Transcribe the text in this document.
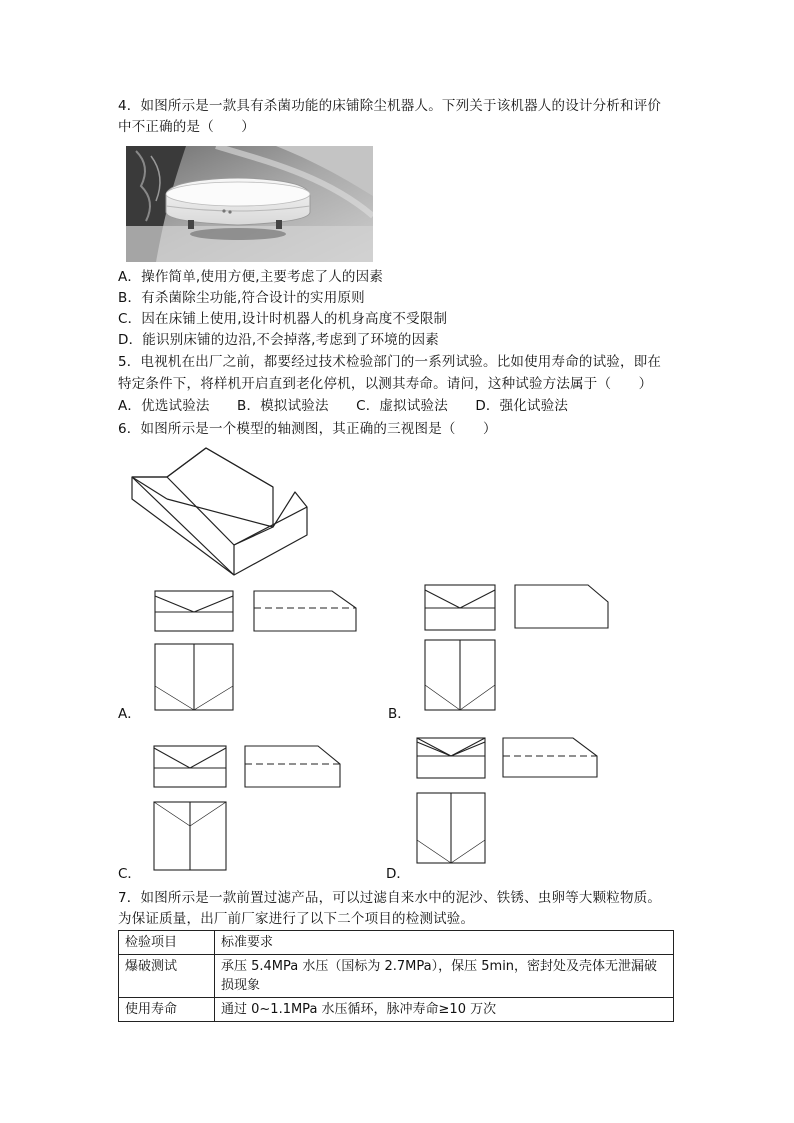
4．如图所示是一款具有杀菌功能的床铺除尘机器人。下列关于该机器人的设计分析和评价
中不正确的是（　　）
A．操作简单,使用方便,主要考虑了人的因素
B．有杀菌除尘功能,符合设计的实用原则
C．因在床铺上使用,设计时机器人的机身高度不受限制
D．能识别床铺的边沿,不会掉落,考虑到了环境的因素
5．电视机在出厂之前，都要经过技术检验部门的一系列试验。比如使用寿命的试验，即在
特定条件下，将样机开启直到老化停机，以测其寿命。请问，这种试验方法属于（　　）
A．优选试验法　　B．模拟试验法　　C．虚拟试验法　　D．强化试验法
6．如图所示是一个模型的轴测图，其正确的三视图是（　　）
A．	B．
C．	D．
7．如图所示是一款前置过滤产品，可以过滤自来水中的泥沙、铁锈、虫卵等大颗粒物质。
为保证质量，出厂前厂家进行了以下二个项目的检测试验。
检验项目	标准要求
爆破测试	承压 5.4MPa 水压（国标为 2.7MPa），保压 5min，密封处及壳体无泄漏破损现象
使用寿命	通过 0~1.1MPa 水压循环，脉冲寿命≥10 万次
